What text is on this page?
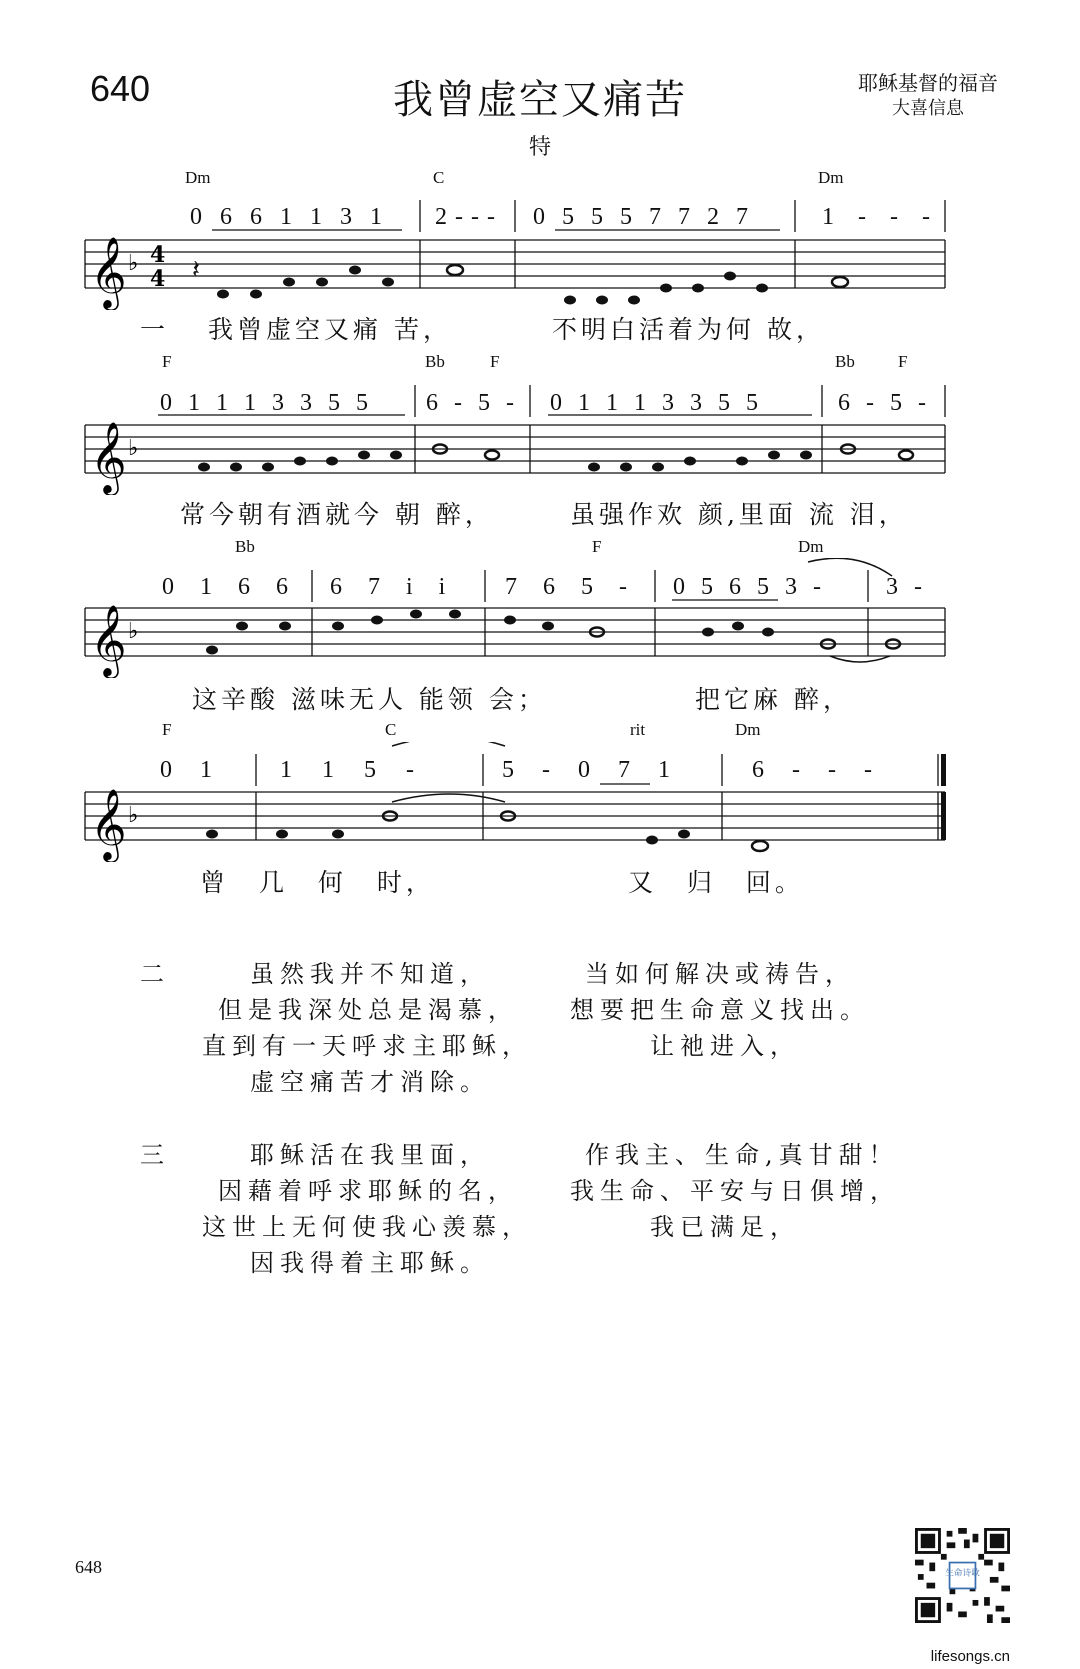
640	我曾虚空又痛苦
特
耶稣基督的福音
大喜信息
Dm	C	Dm
0 6 6 1 1 3 1 2 - - - 0 5 5 5 7 7 2 7	1 - - -
𝄞 ♭ 4
4 𝄽
一 我曾虚空又痛 苦，	不明白活着为何 故，
F	Bb	F	Bb	F
0 1 1 1 3 3 5 5 6 - 5 - 0 1 1 1 3 3 5 5	6 - 5 -
𝄞 ♭
常今朝有酒就今 朝 醉，	虽强作欢 颜,里面 流 泪，
Bb	F	Dm
0 1 6 6 6 7 i i 7 6 5 - 0 5 6 5 3 -	3 -
𝄞 ♭
这辛酸 滋味无人 能领 会；	把它麻 醉，
F	C	rit	Dm
0 1	1 1 5 -	5 - 0 7 1	6 - - -
𝄞 ♭
曾 几 何 时，	又 归 回。
二	虽然我并不知道，	当如何解决或祷告，
但是我深处总是渴慕， 想要把生命意义找出。
直到有一天呼求主耶稣，	让祂进入，
虚空痛苦才消除。
三	耶稣活在我里面，	作我主、生命,真甘甜！
因藉着呼求耶稣的名， 我生命、平安与日俱增，
这世上无何使我心羡慕，	我已满足，
因我得着主耶稣。
648	生命诗歌
lifesongs.cn
